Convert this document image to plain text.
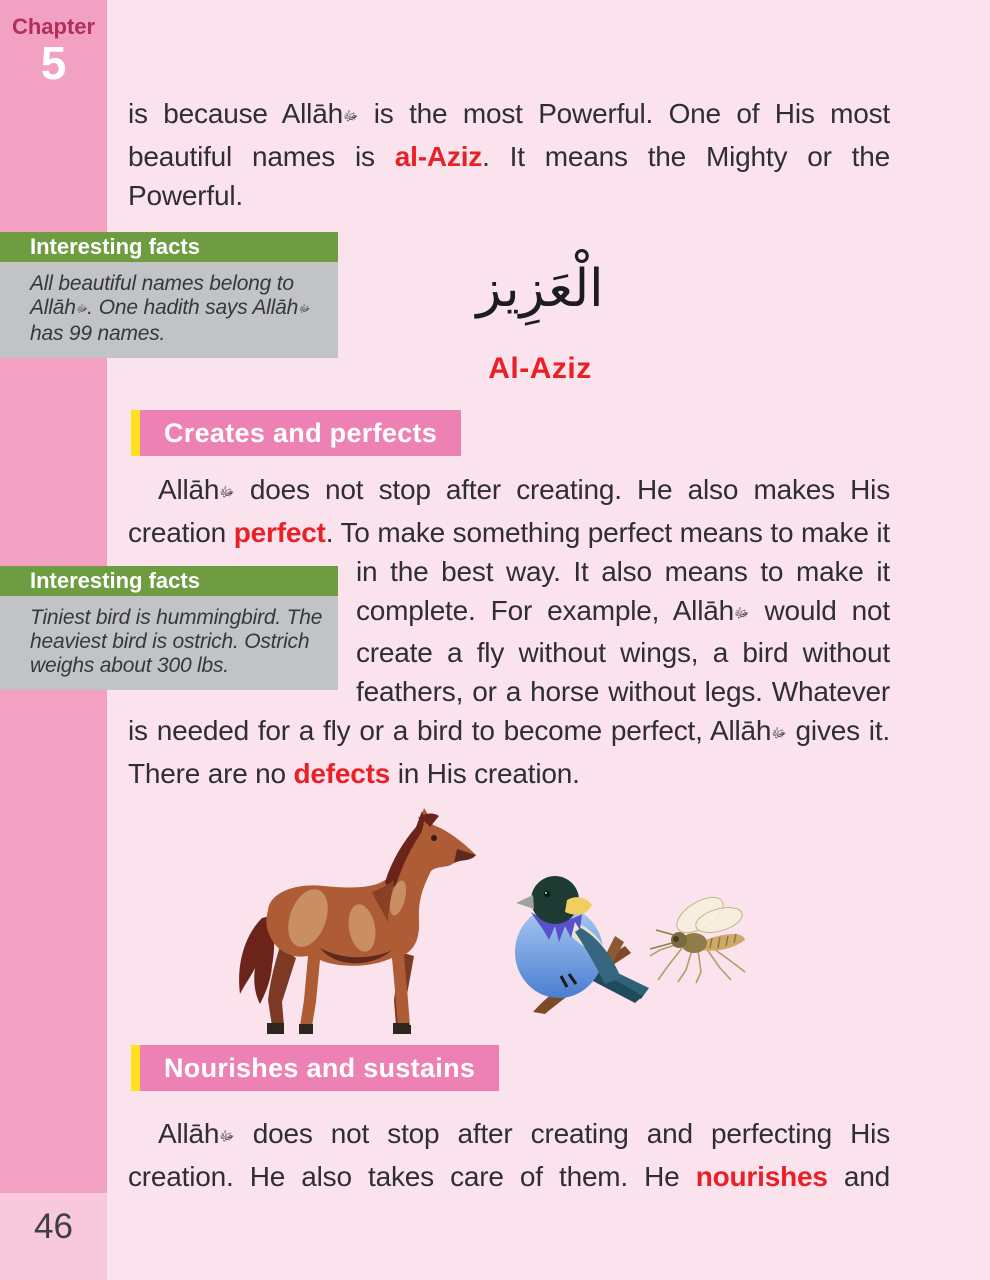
Chapter
5
46
is because Allāhﷻ is the most Powerful. One of His most beautiful names is al-Aziz. It means the Mighty or the Powerful.
Interesting facts
All beautiful names belong to Allāhﷻ. One hadith says Allāhﷻ has 99 names.
الْعَزِيز
Al-Aziz
Creates and perfects
Allāhﷻ does not stop after creating. He also makes His creation perfect. To make something perfect means to
make it in the best way. It also means to make it complete. For example, Allāhﷻ would not create a fly without wings, a bird without feathers, or a horse without legs. Whatever is needed for a fly or a bird to become perfect, Allāhﷻ gives it. There are no defects in His creation.
Interesting facts
Tiniest bird is hummingbird. The heaviest bird is ostrich. Ostrich weighs about 300 lbs.
Nourishes and sustains
Allāhﷻ does not stop after creating and perfecting His creation. He also takes care of them. He nourishes and
